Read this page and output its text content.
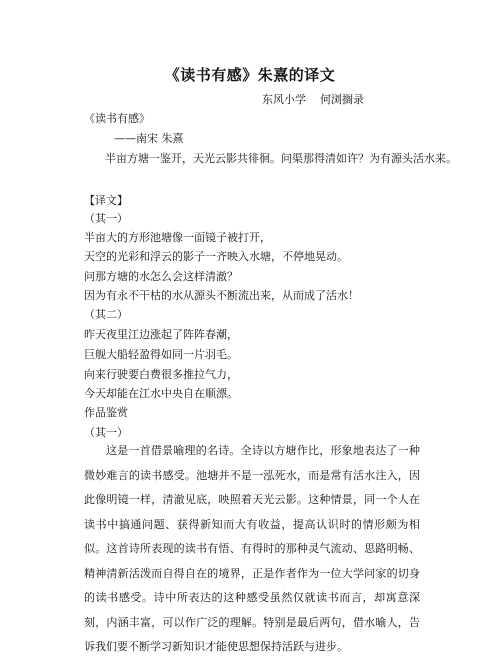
《读书有感》朱熹的译文
东风小学    何浏搁录
《读书有感》
——南宋 朱熹
半亩方塘一鉴开，天光云影共徘徊。问渠那得清如许？为有源头活水来。
【译文】
（其一）
半亩大的方形池塘像一面镜子被打开，
天空的光彩和浮云的影子一齐映入水塘，不停地晃动。
问那方塘的水怎么会这样清澈？
因为有永不干枯的水从源头不断流出来，从而成了活水！
（其二）
昨天夜里江边涨起了阵阵春潮，
巨舰大船轻盈得如同一片羽毛。
向来行驶要白费很多推拉气力，
今天却能在江水中央自在顺漂。
作品鉴赏
（其一）
这是一首借景喻理的名诗。全诗以方塘作比，形象地表达了一种微妙难言的读书感受。池塘并不是一泓死水，而是常有活水注入，因此像明镜一样，清澈见底，映照着天光云影。这种情景，同一个人在读书中搞通问题、获得新知而大有收益，提高认识时的情形颇为相似。这首诗所表现的读书有悟、有得时的那种灵气流动、思路明畅、精神清新活泼而自得自在的境界，正是作者作为一位大学问家的切身的读书感受。诗中所表达的这种感受虽然仅就读书而言，却寓意深刻，内涵丰富，可以作广泛的理解。特别是最后两句，借水喻人，告诉我们要不断学习新知识才能使思想保持活跃与进步。
